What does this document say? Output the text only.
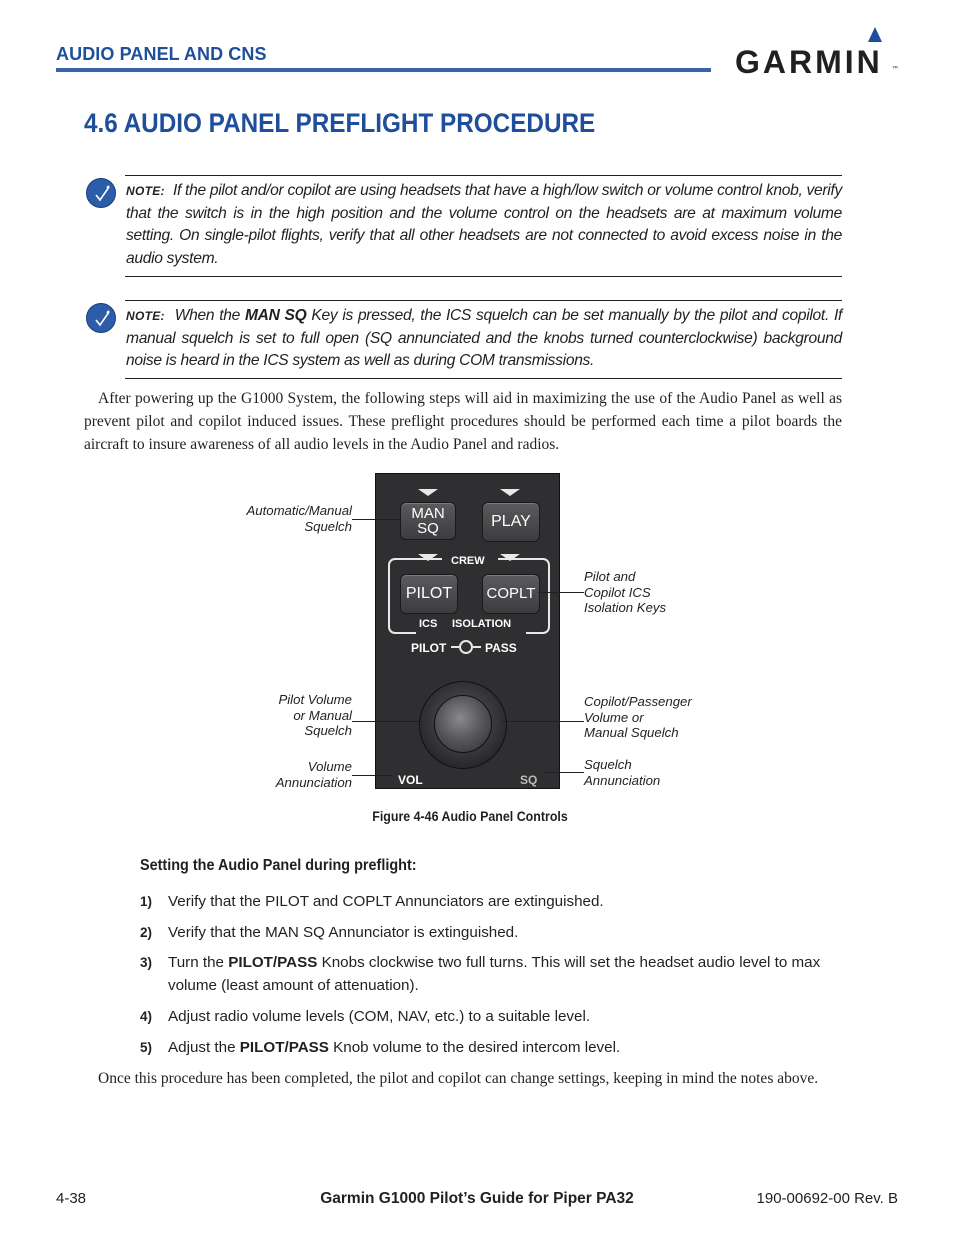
AUDIO PANEL AND CNS	GARMIN ™
4.6 AUDIO PANEL PREFLIGHT PROCEDURE
NOTE: If the pilot and/or copilot are using headsets that have a high/low switch or volume control knob, verify that the switch is in the high position and the volume control on the headsets are at maximum volume setting. On single-pilot flights, verify that all other headsets are not connected to avoid excess noise in the audio system.
NOTE: When the MAN SQ Key is pressed, the ICS squelch can be set manually by the pilot and copilot. If manual squelch is set to full open (SQ annunciated and the knobs turned counterclockwise) background noise is heard in the ICS system as well as during COM transmissions.
After powering up the G1000 System, the following steps will aid in maximizing the use of the Audio Panel as well as prevent pilot and copilot induced issues. These preflight procedures should be performed each time a pilot boards the aircraft to insure awareness of all audio levels in the Audio Panel and radios.
MAN
SQ	PLAY
CREW
PILOT	COPLT
ICS ISOLATION
PILOT	PASS
VOL	SQ
Automatic/Manual
Squelch
Pilot Volume
or Manual
Squelch
Volume
Annunciation
Pilot and
Copilot ICS
Isolation Keys
Copilot/Passenger
Volume or
Manual Squelch
Squelch
Annunciation
Figure 4-46 Audio Panel Controls
Setting the Audio Panel during preflight:
1) Verify that the PILOT and COPLT Annunciators are extinguished.
2) Verify that the MAN SQ Annunciator is extinguished.
3) Turn the PILOT/PASS Knobs clockwise two full turns. This will set the headset audio level to max volume (least amount of attenuation).
4) Adjust radio volume levels (COM, NAV, etc.) to a suitable level.
5) Adjust the PILOT/PASS Knob volume to the desired intercom level.
Once this procedure has been completed, the pilot and copilot can change settings, keeping in mind the notes above.
4-38	Garmin G1000 Pilot’s Guide for Piper PA32	190-00692-00 Rev. B
